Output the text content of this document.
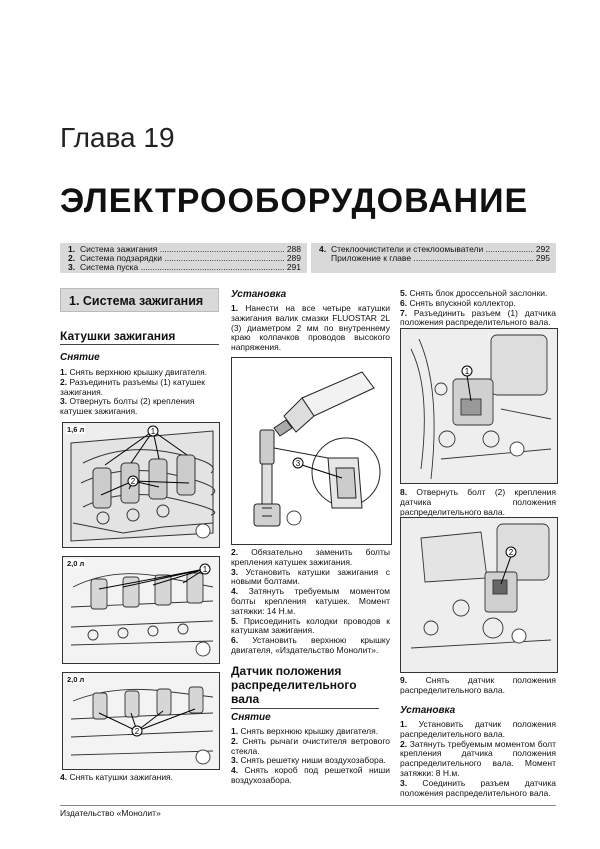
Глава 19
ЭЛЕКТРООБОРУДОВАНИЕ
1. Система зажигания .....	288
2. Система подзарядки .....	289
3. Система пуска .....	291
4. Стеклоочистители и стеклоомыватели .....	292
Приложение к главе .....	295
1. Система зажигания
Катушки зажигания
Снятие
1. Снять верхнюю крышку двигателя.
2. Разъединить разъемы (1) катушек зажигания.
3. Отвернуть болты (2) крепления катушек зажигания.
1
2
1,6 л
1
2,0 л
2
2,0 л
4. Снять катушки зажигания.
Установка
1. Нанести на все четыре катушки зажигания валик смазки FLUOSTAR 2L (3) диаметром 2 мм по внутреннему краю колпачков проводов высокого напряжения.
3
2. Обязательно заменить болты крепления катушек зажигания.
3. Установить катушки зажигания с новыми болтами.
4. Затянуть требуемым моментом болты крепления катушек. Момент затяжки: 14 Н.м.
5. Присоединить колодки проводов к катушкам зажигания.
6. Установить верхнюю крышку двигателя, «Издательство Монолит».
Датчик положения распределительного вала
Снятие
1. Снять верхнюю крышку двигателя.
2. Снять рычаги очистителя ветрового стекла.
3. Снять решетку ниши воздухозабора.
4. Снять короб под решеткой ниши воздухозабора.
5. Снять блок дроссельной заслонки.
6. Снять впускной коллектор.
7. Разъединить разъем (1) датчика положения распределительного вала.
1
8. Отвернуть болт (2) крепления датчика положения распределительного вала.
2
9. Снять датчик положения распределительного вала.
Установка
1. Установить датчик положения распределительного вала.
2. Затянуть требуемым моментом болт крепления датчика положения распределительного вала. Момент затяжки: 8 Н.м.
3. Соединить разъем датчика положения распределительного вала.
Издательство «Монолит»
